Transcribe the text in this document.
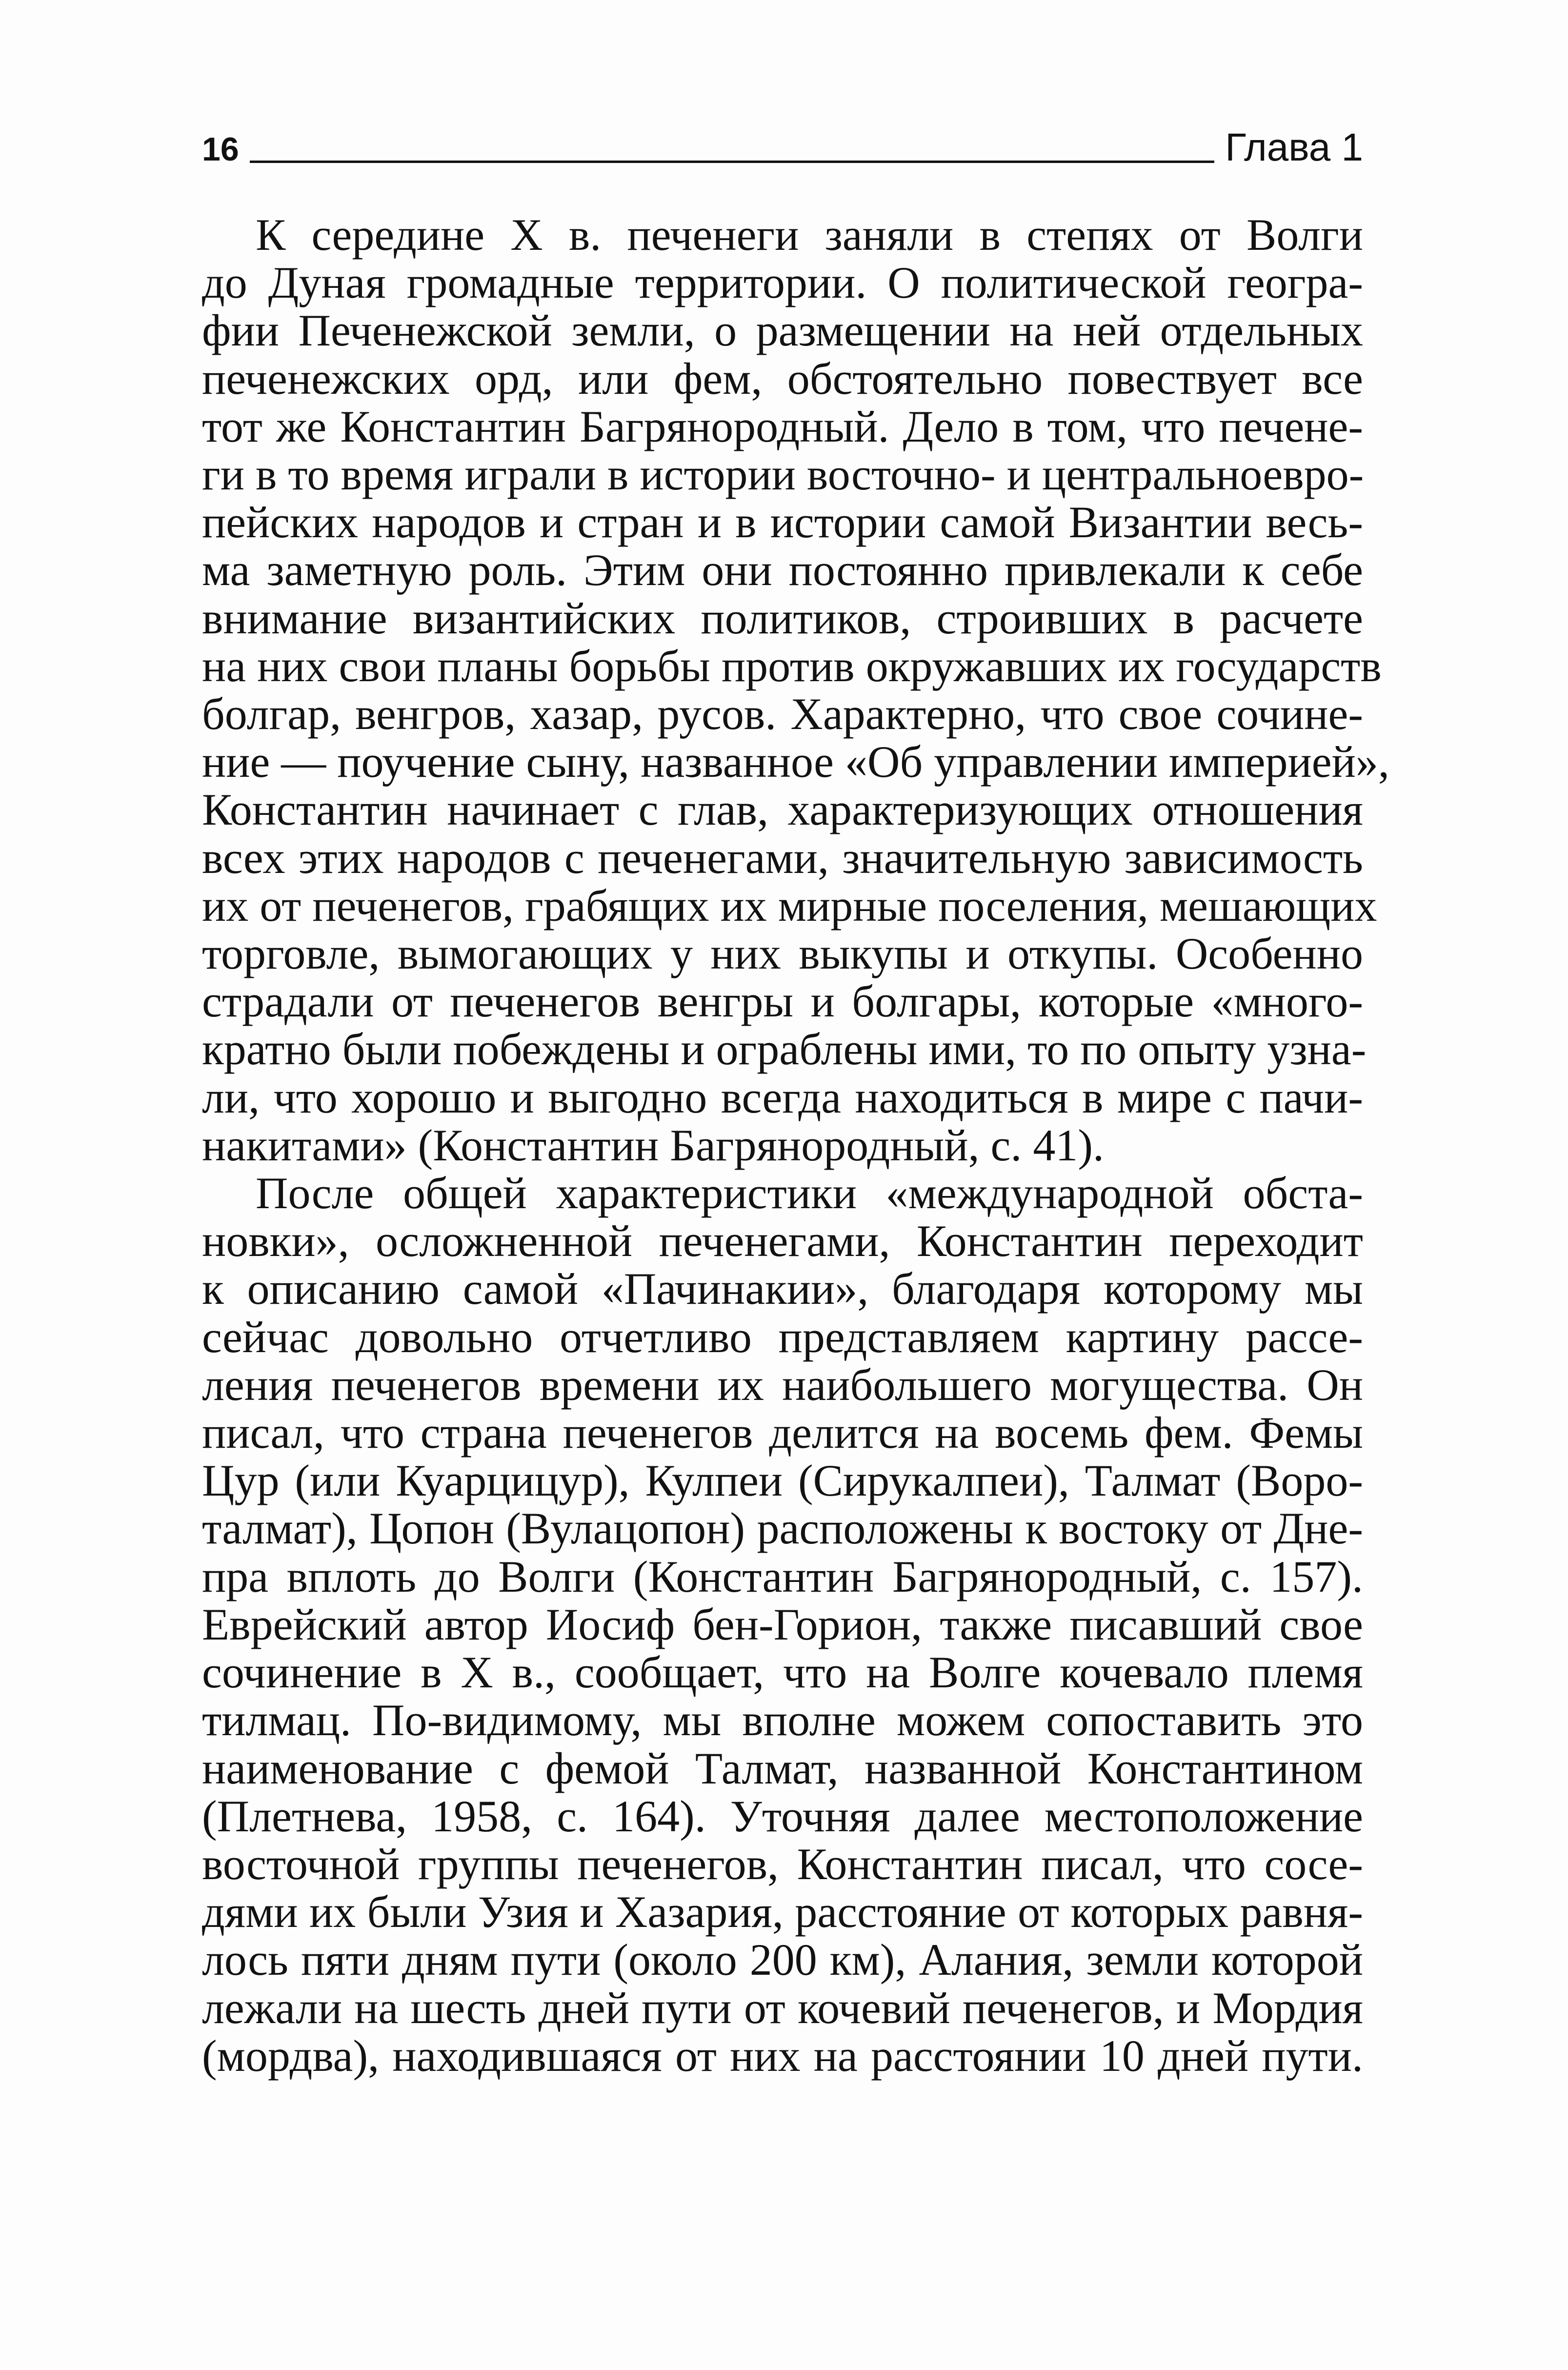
16	Глава 1
К середине X в. печенеги заняли в степях от Волги
до Дуная громадные территории. О политической геогра-
фии Печенежской земли, о размещении на ней отдельных
печенежских орд, или фем, обстоятельно повествует все
тот же Константин Багрянородный. Дело в том, что печене-
ги в то время играли в истории восточно- и центральноевро-
пейских народов и стран и в истории самой Византии весь-
ма заметную роль. Этим они постоянно привлекали к себе
внимание византийских политиков, строивших в расчете
на них свои планы борьбы против окружавших их государств
болгар, венгров, хазар, русов. Характерно, что свое сочине-
ние — поучение сыну, названное «Об управлении империей»,
Константин начинает с глав, характеризующих отношения
всех этих народов с печенегами, значительную зависимость
их от печенегов, грабящих их мирные поселения, мешающих
торговле, вымогающих у них выкупы и откупы. Особенно
страдали от печенегов венгры и болгары, которые «много-
кратно были побеждены и ограблены ими, то по опыту узна-
ли, что хорошо и выгодно всегда находиться в мире с пачи-
накитами» (Константин Багрянородный, с. 41).
После общей характеристики «международной обста-
новки», осложненной печенегами, Константин переходит
к описанию самой «Пачинакии», благодаря которому мы
сейчас довольно отчетливо представляем картину рассе-
ления печенегов времени их наибольшего могущества. Он
писал, что страна печенегов делится на восемь фем. Фемы
Цур (или Куарцицур), Кулпеи (Сирукалпеи), Талмат (Воро-
талмат), Цопон (Вулацопон) расположены к востоку от Дне-
пра вплоть до Волги (Константин Багрянородный, с. 157).
Еврейский автор Иосиф бен-Горион, также писавший свое
сочинение в X в., сообщает, что на Волге кочевало племя
тилмац. По-видимому, мы вполне можем сопоставить это
наименование с фемой Талмат, названной Константином
(Плетнева, 1958, с. 164). Уточняя далее местоположение
восточной группы печенегов, Константин писал, что сосе-
дями их были Узия и Хазария, расстояние от которых равня-
лось пяти дням пути (около 200 км), Алания, земли которой
лежали на шесть дней пути от кочевий печенегов, и Мордия
(мордва), находившаяся от них на расстоянии 10 дней пути.
